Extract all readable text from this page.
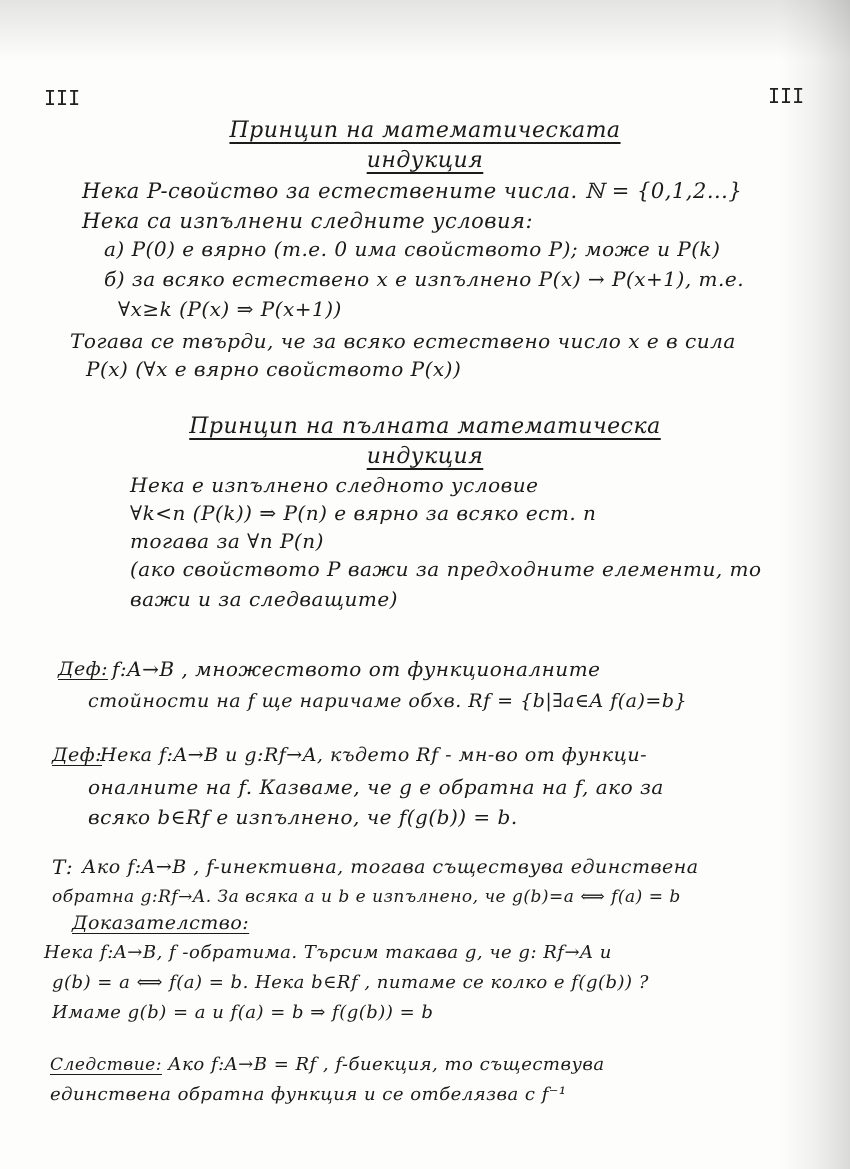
III	III
Принцип на математическата
индукция
Нека P-свойство за естествените числа. ℕ = {0,1,2...}
Нека са изпълнени следните условия:
а) P(0) е вярно (т.е. 0 има свойството P); може и P(k)
б) за всяко естествено x е изпълнено P(x) → P(x+1), т.е.
∀x≥k (P(x) ⇒ P(x+1))
Тогава се твърди, че за всяко естествено число x е в сила
P(x) (∀x е вярно свойството P(x))
Принцип на пълната математическа
индукция
Нека е изпълнено следното условие
∀k<n (P(k)) ⇒ P(n) е вярно за всяко ест. n
тогава за ∀n P(n)
(ако свойството P важи за предходните елементи, то
важи и за следващите)
Деф: f:A→B , множеството от функционалните
стойности на f ще наричаме обхв. Rf = {b|∃a∈A f(a)=b}
Деф:
Нека f:A→B и g:Rf→A, където Rf - мн-во от функци-
оналните на f. Казваме, че g е обратна на f, ако за
всяко b∈Rf е изпълнено, че f(g(b)) = b.
Т: Ако f:A→B , f-инективна, тогава съществува единствена
обратна g:Rf→A. За всяка a и b е изпълнено, че g(b)=a ⟺ f(a) = b
Доказателство:
Нека f:A→B, f -обратима. Търсим такава g, че g: Rf→A и
g(b) = a ⟺ f(a) = b. Нека b∈Rf , питаме се колко е f(g(b)) ?
Имаме g(b) = a и f(a) = b ⇒ f(g(b)) = b
Следствие: Ако f:A→B = Rf , f-биекция, то съществува
единствена обратна функция и се отбелязва с f⁻¹
